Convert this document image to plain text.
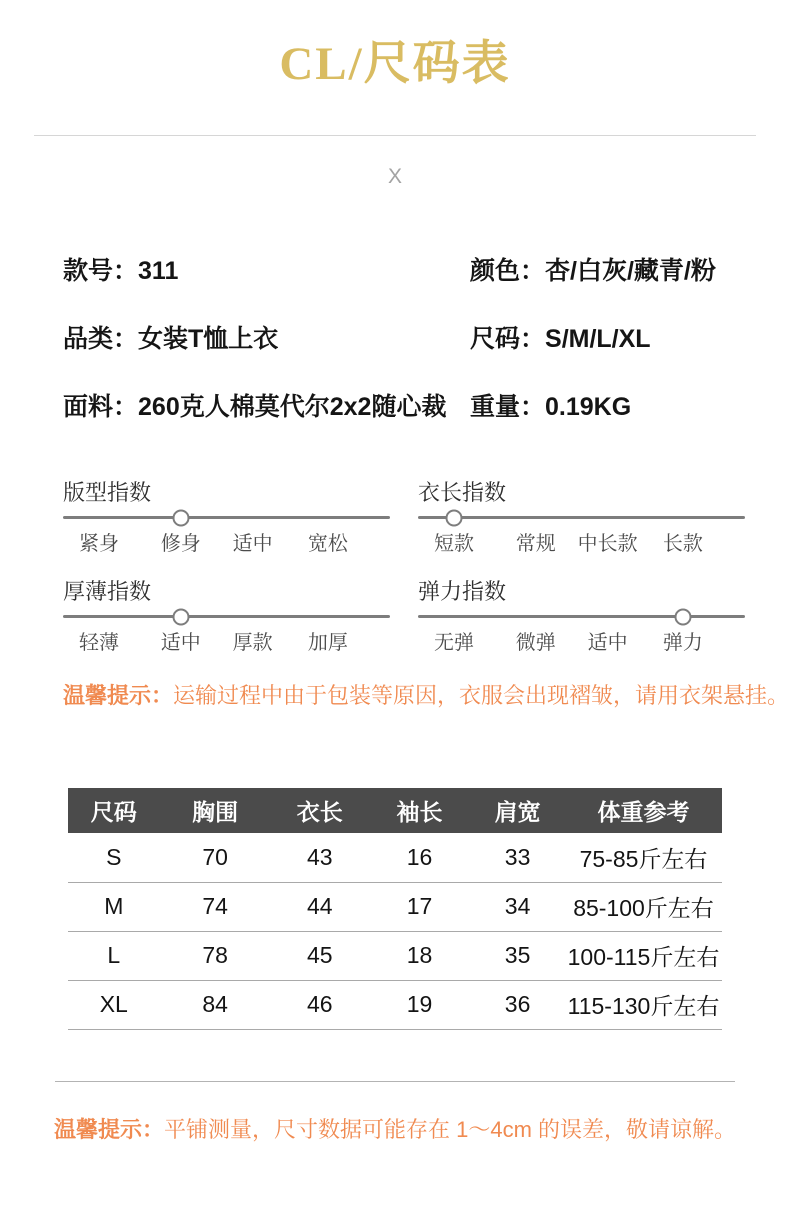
CL/尺码表
X
款号：311	颜色：杏/白灰/藏青/粉
品类：女装T恤上衣	尺码：S/M/L/XL
面料：260克人棉莫代尔2x2随心裁 重量：0.19KG
版型指数
紧身 修身 适中 宽松
衣长指数
短款 常规 中长款 长款
厚薄指数
轻薄 适中 厚款 加厚
弹力指数
无弹 微弹 适中 弹力
温馨提示：运输过程中由于包装等原因，衣服会出现褶皱，请用衣架悬挂。
尺码	胸围	衣长	袖长	肩宽	体重参考
S	70	43	16	33	75-85斤左右
M	74	44	17	34	85-100斤左右
L	78	45	18	35	100-115斤左右
XL	84	46	19	36	115-130斤左右
温馨提示：平铺测量，尺寸数据可能存在 1～4cm 的误差，敬请谅解。
